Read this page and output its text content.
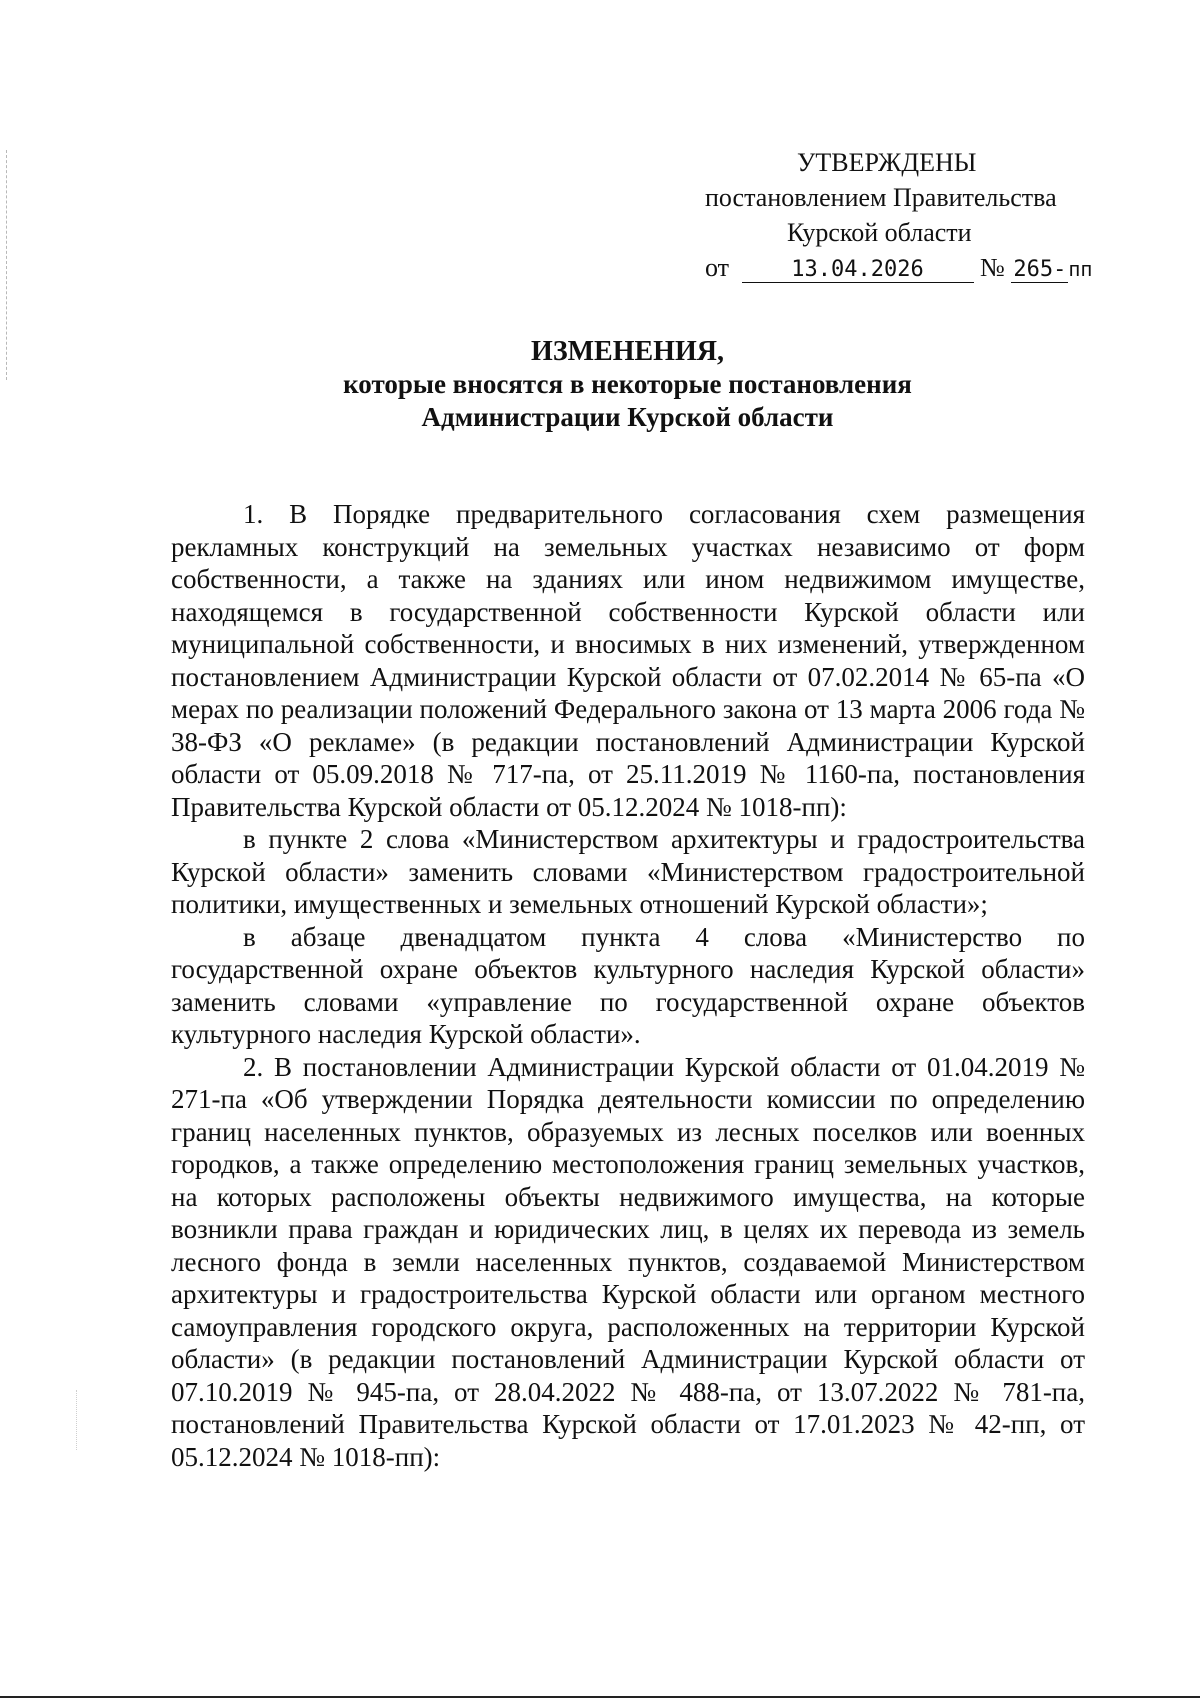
УТВЕРЖДЕНЫ
постановлением Правительства
Курской области
от	13.04.2026 № 265- пп
ИЗМЕНЕНИЯ,
которые вносятся в некоторые постановления
Администрации Курской области

1. В Порядке предварительного согласования схем размещения рекламных конструкций на земельных участках независимо от форм собственности, а также на зданиях или ином недвижимом имуществе, находящемся в государственной собственности Курской области или муниципальной собственности, и вносимых в них изменений, утвержденном постановлением Администрации Курской области от 07.02.2014 № 65-па «О мерах по реализации положений Федерального закона от 13 марта 2006 года № 38-ФЗ «О рекламе» (в редакции постановлений Администрации Курской области от 05.09.2018 № 717-па, от 25.11.2019 № 1160-па, постановления Правительства Курской области от 05.12.2024 № 1018-пп):

в пункте 2 слова «Министерством архитектуры и градостроительства Курской области» заменить словами «Министерством градостроительной политики, имущественных и земельных отношений Курской области»;

в абзаце двенадцатом пункта 4 слова «Министерство по государственной охране объектов культурного наследия Курской области» заменить словами «управление по государственной охране объектов культурного наследия Курской области».

2. В постановлении Администрации Курской области от 01.04.2019 № 271-па «Об утверждении Порядка деятельности комиссии по определению границ населенных пунктов, образуемых из лесных поселков или военных городков, а также определению местоположения границ земельных участков, на которых расположены объекты недвижимого имущества, на которые возникли права граждан и юридических лиц, в целях их перевода из земель лесного фонда в земли населенных пунктов, создаваемой Министерством архитектуры и градостроительства Курской области или органом местного самоуправления городского округа, расположенных на территории Курской области» (в редакции постановлений Администрации Курской области от 07.10.2019 № 945-па, от 28.04.2022 № 488-па, от 13.07.2022 № 781-па, постановлений Правительства Курской области от 17.01.2023 № 42-пп, от 05.12.2024 № 1018-пп):
